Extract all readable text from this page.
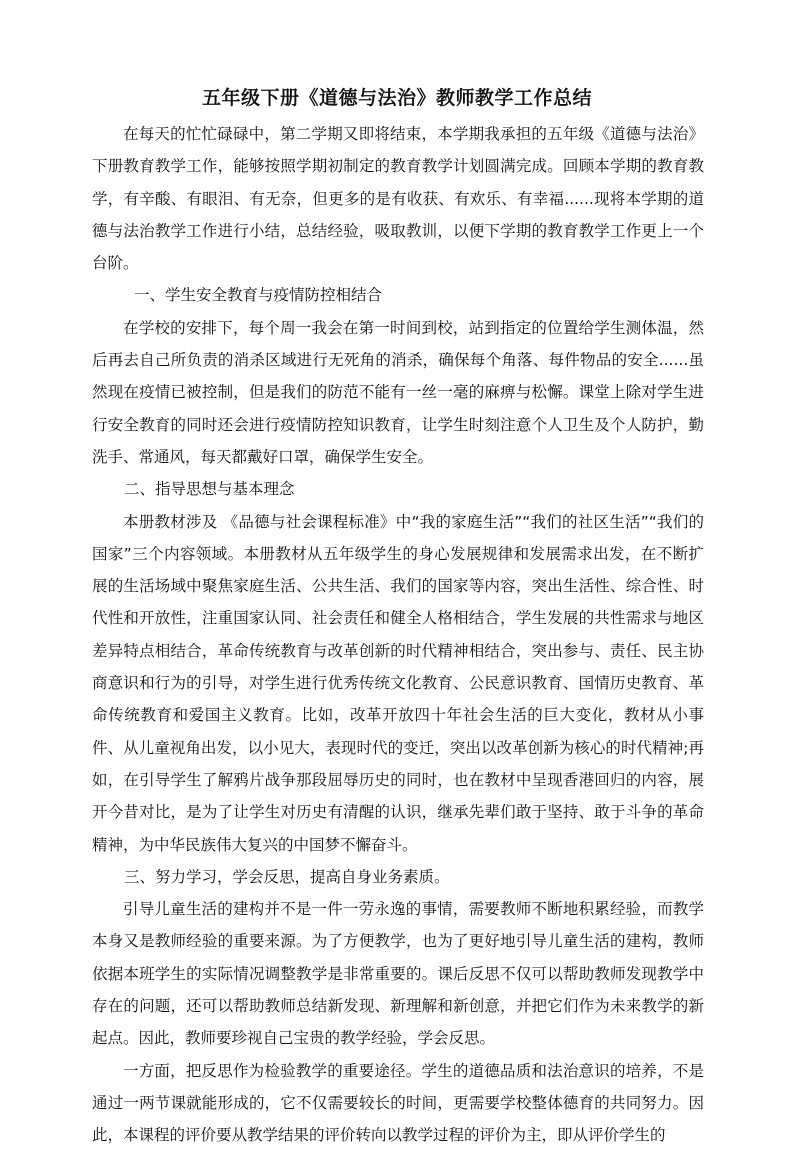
五年级下册《道德与法治》教师教学工作总结

在每天的忙忙碌碌中，第二学期又即将结束，本学期我承担的五年级《道德与法治》下册教育教学工作，能够按照学期初制定的教育教学计划圆满完成。回顾本学期的教育教学，有辛酸、有眼泪、有无奈，但更多的是有收获、有欢乐、有幸福......现将本学期的道德与法治教学工作进行小结，总结经验，吸取教训，以便下学期的教育教学工作更上一个台阶。

一、学生安全教育与疫情防控相结合

在学校的安排下，每个周一我会在第一时间到校，站到指定的位置给学生测体温，然后再去自己所负责的消杀区域进行无死角的消杀，确保每个角落、每件物品的安全......虽然现在疫情已被控制，但是我们的防范不能有一丝一毫的麻痹与松懈。课堂上除对学生进行安全教育的同时还会进行疫情防控知识教育，让学生时刻注意个人卫生及个人防护，勤洗手、常通风，每天都戴好口罩，确保学生安全。

二、指导思想与基本理念

本册教材涉及 《品德与社会课程标准》中“我的家庭生活”“我们的社区生活”“我们的国家”三个内容领域。本册教材从五年级学生的身心发展规律和发展需求出发，在不断扩展的生活场域中聚焦家庭生活、公共生活、我们的国家等内容，突出生活性、综合性、时代性和开放性，注重国家认同、社会责任和健全人格相结合，学生发展的共性需求与地区差异特点相结合，革命传统教育与改革创新的时代精神相结合，突出参与、责任、民主协商意识和行为的引导，对学生进行优秀传统文化教育、公民意识教育、国情历史教育、革命传统教育和爱国主义教育。比如，改革开放四十年社会生活的巨大变化，教材从小事件、从儿童视角出发，以小见大，表现时代的变迁，突出以改革创新为核心的时代精神;再如，在引导学生了解鸦片战争那段屈辱历史的同时，也在教材中呈现香港回归的内容，展开今昔对比，是为了让学生对历史有清醒的认识，继承先辈们敢于坚持、敢于斗争的革命精神，为中华民族伟大复兴的中国梦不懈奋斗。

三、努力学习，学会反思，提高自身业务素质。

引导儿童生活的建构并不是一件一劳永逸的事情，需要教师不断地积累经验，而教学本身又是教师经验的重要来源。为了方便教学，也为了更好地引导儿童生活的建构，教师依据本班学生的实际情况调整教学是非常重要的。课后反思不仅可以帮助教师发现教学中存在的问题，还可以帮助教师总结新发现、新理解和新创意，并把它们作为未来教学的新起点。因此，教师要珍视自己宝贵的教学经验，学会反思。

一方面，把反思作为检验教学的重要途径。学生的道德品质和法治意识的培养，不是通过一两节课就能形成的，它不仅需要较长的时间，更需要学校整体德育的共同努力。因此，本课程的评价要从教学结果的评价转向以教学过程的评价为主，即从评价学生的
